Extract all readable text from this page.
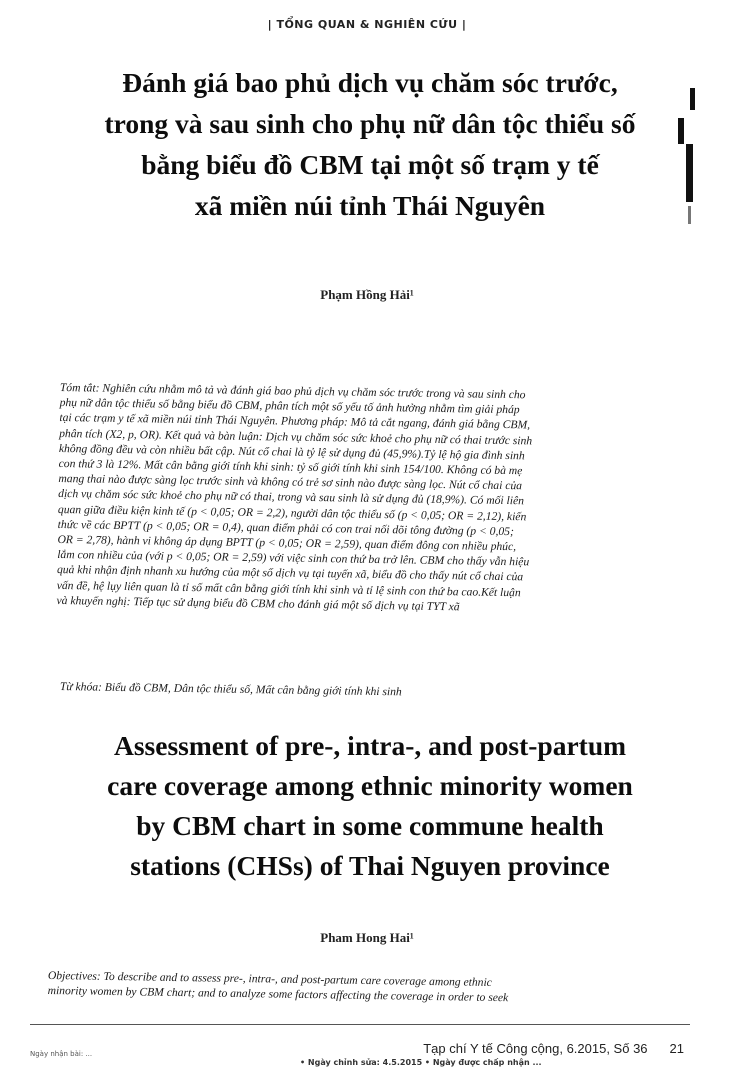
| TỔNG QUAN & NGHIÊN CỨU |
Đánh giá bao phủ dịch vụ chăm sóc trước,
trong và sau sinh cho phụ nữ dân tộc thiểu số
bằng biểu đồ CBM tại một số trạm y tế
xã miền núi tỉnh Thái Nguyên
Phạm Hồng Hải¹
Tóm tắt: Nghiên cứu nhằm mô tả và đánh giá bao phủ dịch vụ chăm sóc trước trong và sau sinh cho
phụ nữ dân tộc thiểu số bằng biểu đồ CBM, phân tích một số yếu tố ảnh hưởng nhằm tìm giải pháp
tại các trạm y tế xã miền núi tỉnh Thái Nguyên. Phương pháp: Mô tả cắt ngang, đánh giá bằng CBM,
phân tích (X2, p, OR). Kết quả và bàn luận: Dịch vụ chăm sóc sức khoẻ cho phụ nữ có thai trước sinh
không đồng đều và còn nhiều bất cập. Nút cổ chai là tỷ lệ sử dụng đủ (45,9%).Tỷ lệ hộ gia đình sinh
con thứ 3 là 12%. Mất cân bằng giới tính khi sinh: tỷ số giới tính khi sinh 154/100. Không có bà mẹ
mang thai nào được sàng lọc trước sinh và không có trẻ sơ sinh nào được sàng lọc. Nút cổ chai của
dịch vụ chăm sóc sức khoẻ cho phụ nữ có thai, trong và sau sinh là sử dụng đủ (18,9%). Có mối liên
quan giữa điều kiện kinh tế (p < 0,05; OR = 2,2), người dân tộc thiểu số (p < 0,05; OR = 2,12), kiến
thức về các BPTT (p < 0,05; OR = 0,4), quan điểm phải có con trai nối dõi tông đường (p < 0,05;
OR = 2,78), hành vi không áp dụng BPTT (p < 0,05; OR = 2,59), quan điểm đông con nhiều phúc,
lắm con nhiều của (với p < 0,05; OR = 2,59) với việc sinh con thứ ba trở lên. CBM cho thấy vẫn hiệu
quả khi nhận định nhanh xu hướng của một số dịch vụ tại tuyến xã, biểu đồ cho thấy nút cổ chai của
vấn đề, hệ lụy liên quan là tỉ số mất cân bằng giới tính khi sinh và tỉ lệ sinh con thứ ba cao.Kết luận
và khuyến nghị: Tiếp tục sử dụng biểu đồ CBM cho đánh giá một số dịch vụ tại TYT xã
Từ khóa: Biểu đồ CBM, Dân tộc thiểu số, Mất cân bằng giới tính khi sinh
Assessment of pre-, intra-, and post-partum
care coverage among ethnic minority women
by CBM chart in some commune health
stations (CHSs) of Thai Nguyen province
Pham Hong Hai¹
Objectives: To describe and to assess pre-, intra-, and post-partum care coverage among ethnic
minority women by CBM chart; and to analyze some factors affecting the coverage in order to seek
Tạp chí Y tế Công cộng, 6.2015, Số 36 21
Ngày nhận bài: ...
• Ngày chỉnh sửa: 4.5.2015 • Ngày được chấp nhận ...
